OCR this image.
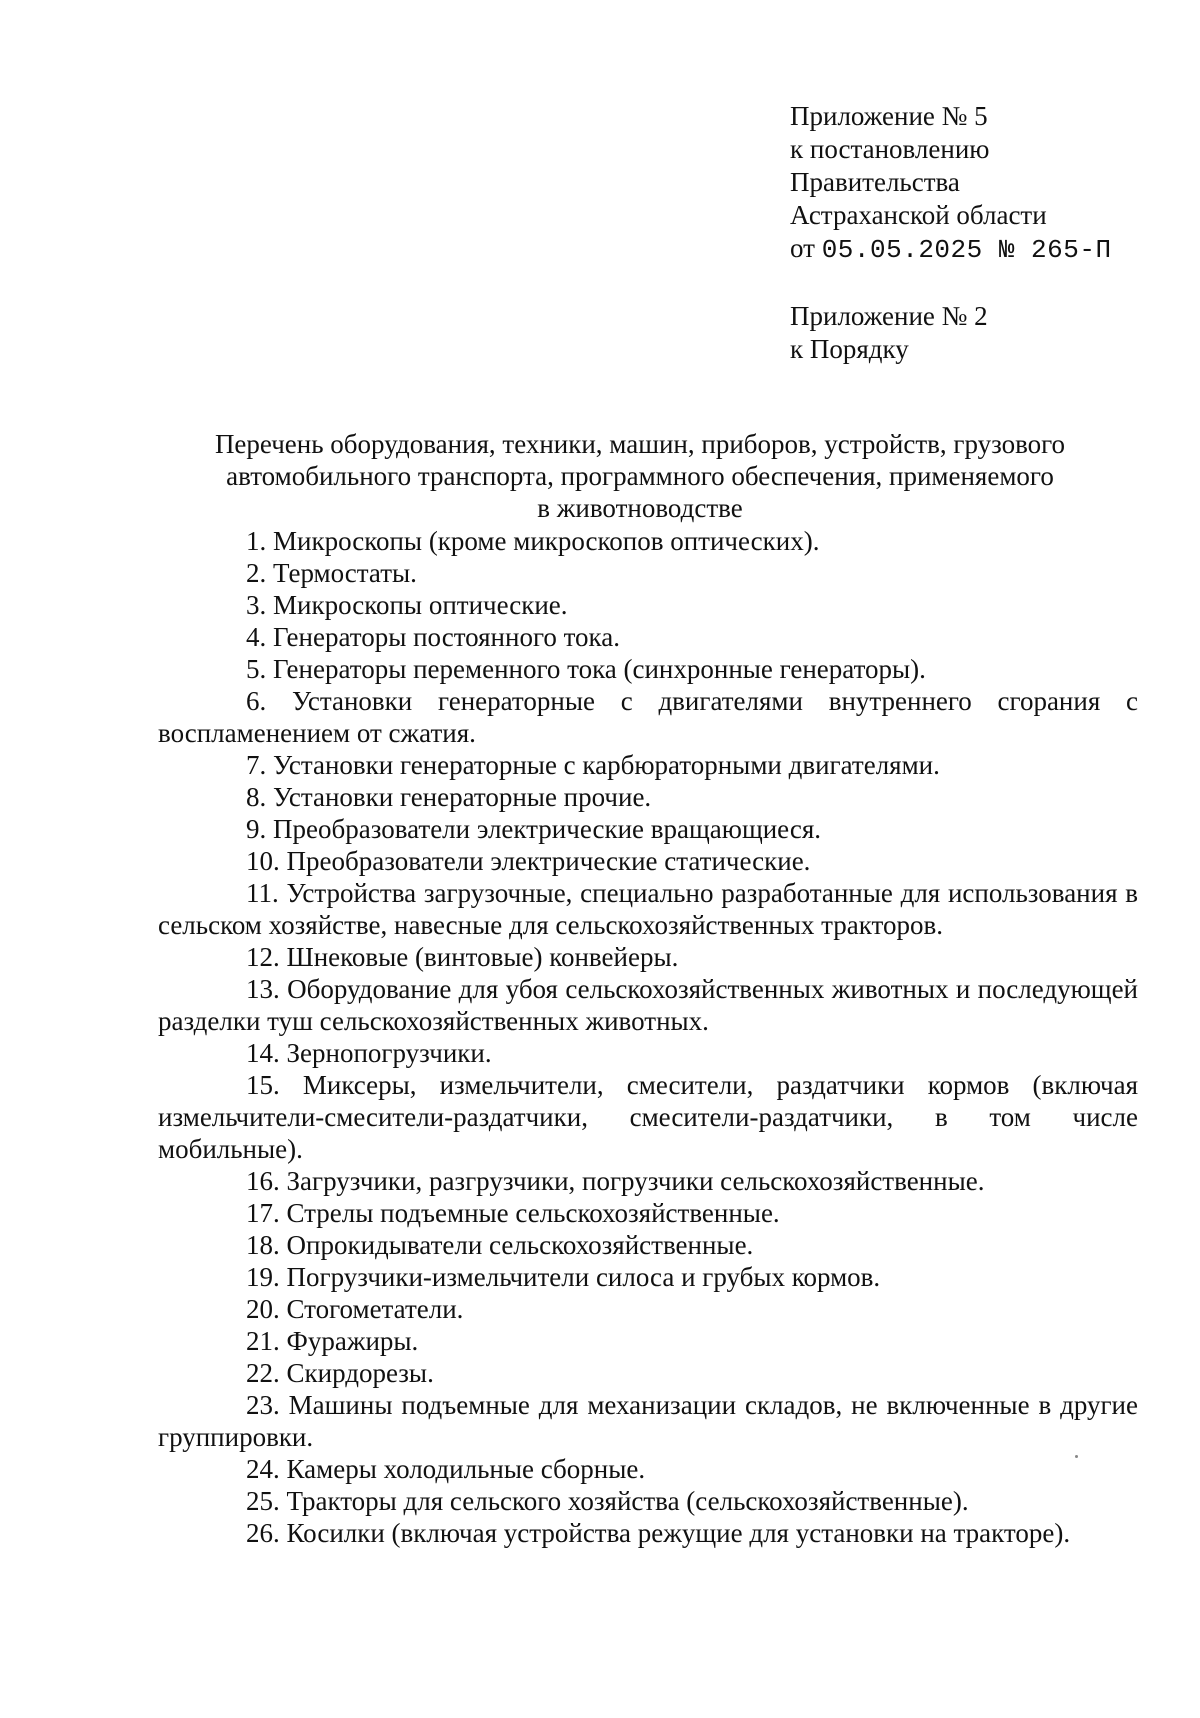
Приложение № 5
к постановлению
Правительства
Астраханской области
от 05.05.2025 № 265-П
Приложение № 2
к Порядку
Перечень оборудования, техники, машин, приборов, устройств, грузового
автомобильного транспорта, программного обеспечения, применяемого
в животноводстве

1. Микроскопы (кроме микроскопов оптических).

2. Термостаты.

3. Микроскопы оптические.

4. Генераторы постоянного тока.

5. Генераторы переменного тока (синхронные генераторы).

6. Установки генераторные с двигателями внутреннего сгорания с воспламенением от сжатия.

7. Установки генераторные с карбюраторными двигателями.

8. Установки генераторные прочие.

9. Преобразователи электрические вращающиеся.

10. Преобразователи электрические статические.

11. Устройства загрузочные, специально разработанные для использования в сельском хозяйстве, навесные для сельскохозяйственных тракторов.

12. Шнековые (винтовые) конвейеры.

13. Оборудование для убоя сельскохозяйственных животных и последующей разделки туш сельскохозяйственных животных.

14. Зернопогрузчики.

15. Миксеры, измельчители, смесители, раздатчики кормов (включая измельчители-смесители-раздатчики, смесители-раздатчики, в том числе мобильные).

16. Загрузчики, разгрузчики, погрузчики сельскохозяйственные.

17. Стрелы подъемные сельскохозяйственные.

18. Опрокидыватели сельскохозяйственные.

19. Погрузчики-измельчители силоса и грубых кормов.

20. Стогометатели.

21. Фуражиры.

22. Скирдорезы.

23. Машины подъемные для механизации складов, не включенные в другие группировки.

24. Камеры холодильные сборные.

25. Тракторы для сельского хозяйства (сельскохозяйственные).

26. Косилки (включая устройства режущие для установки на тракторе).
